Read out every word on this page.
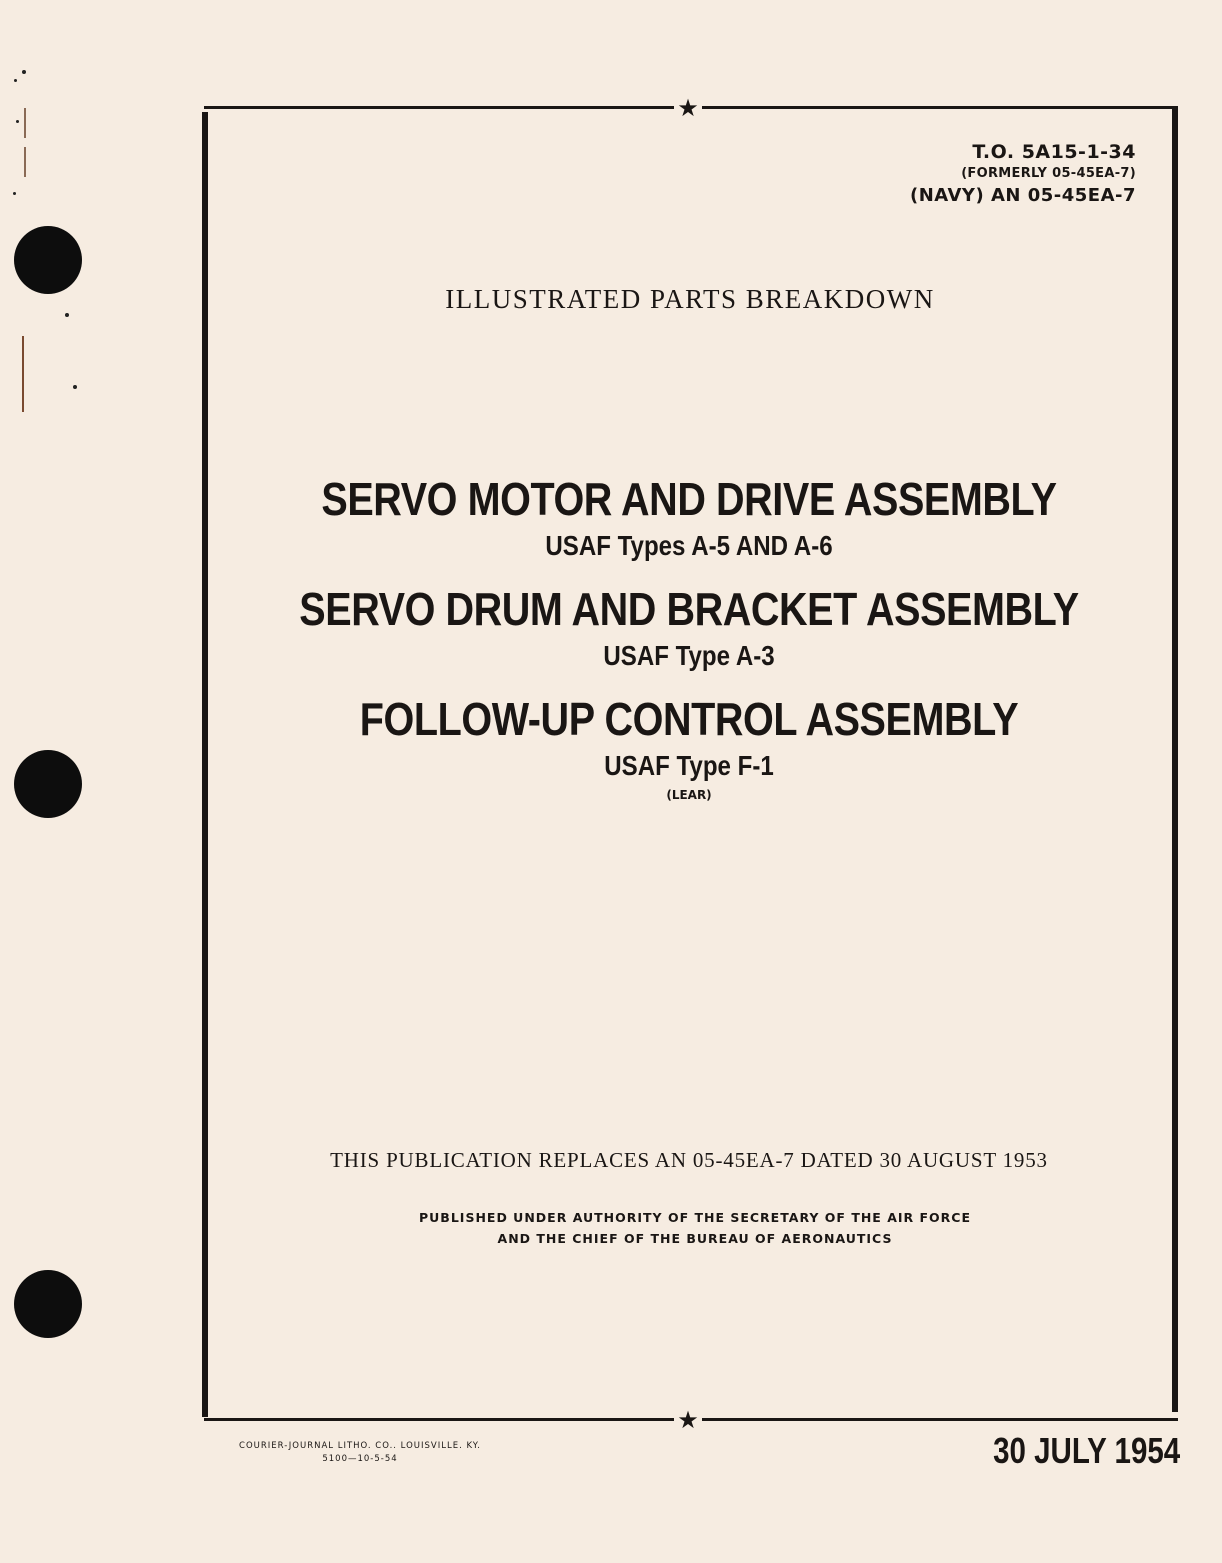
★
★
T.O. 5A15-1-34
(FORMERLY 05-45EA-7)
(NAVY) AN 05-45EA-7
ILLUSTRATED PARTS BREAKDOWN
SERVO MOTOR AND DRIVE ASSEMBLY
USAF Types A-5 AND A-6
SERVO DRUM AND BRACKET ASSEMBLY
USAF Type A-3
FOLLOW-UP CONTROL ASSEMBLY
USAF Type F-1
(LEAR)
THIS PUBLICATION REPLACES AN 05-45EA-7 DATED 30 AUGUST 1953
PUBLISHED UNDER AUTHORITY OF THE SECRETARY OF THE AIR FORCE
AND THE CHIEF OF THE BUREAU OF AERONAUTICS
COURIER-JOURNAL LITHO. CO.. LOUISVILLE. KY.
5100—10-5-54	30 JULY 1954
